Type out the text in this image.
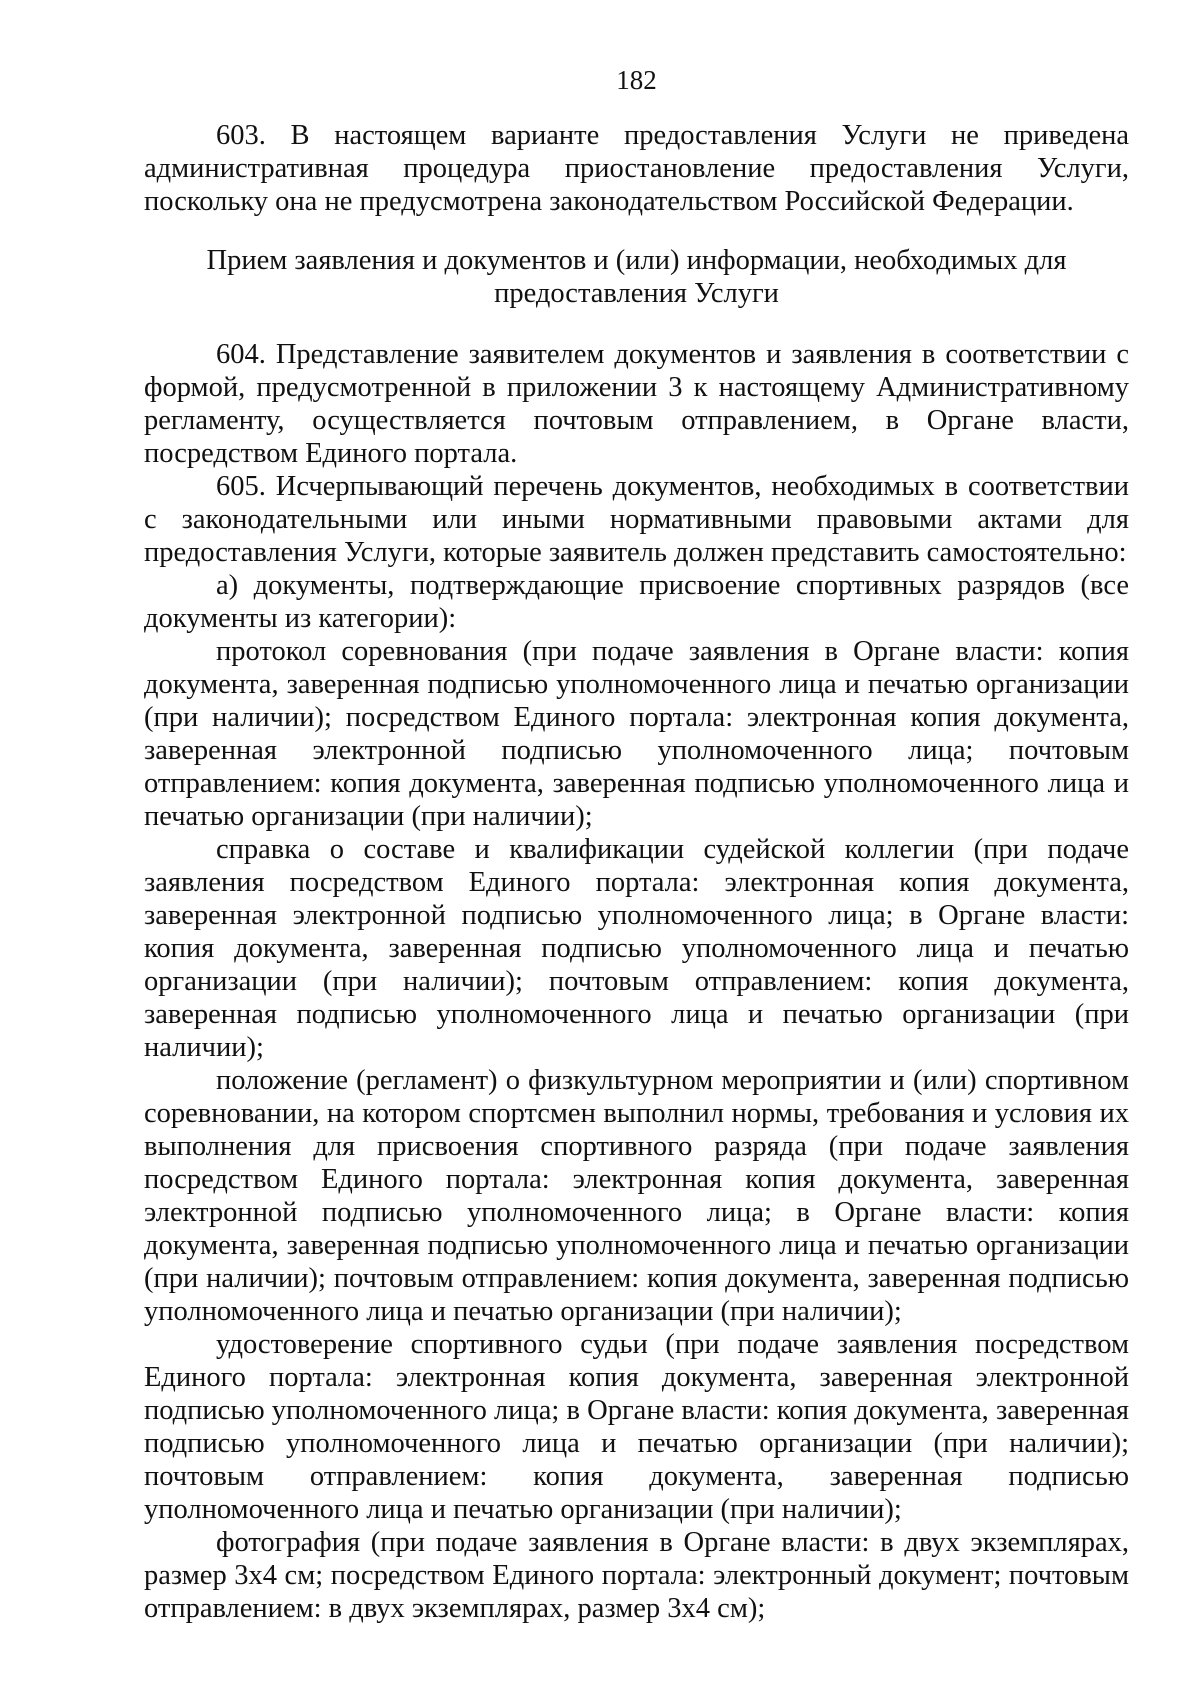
182

603. В настоящем варианте предоставления Услуги не приведена административная процедура приостановление предоставления Услуги, поскольку она не предусмотрена законодательством Российской Федерации.

Прием заявления и документов и (или) информации, необходимых для предоставления Услуги

604. Представление заявителем документов и заявления в соответствии с формой, предусмотренной в приложении 3 к настоящему Административному регламенту, осуществляется почтовым отправлением, в Органе власти, посредством Единого портала.

605. Исчерпывающий перечень документов, необходимых в соответствии с законодательными или иными нормативными правовыми актами для предоставления Услуги, которые заявитель должен представить самостоятельно:

а) документы, подтверждающие присвоение спортивных разрядов (все документы из категории):

протокол соревнования (при подаче заявления в Органе власти: копия документа, заверенная подписью уполномоченного лица и печатью организации (при наличии); посредством Единого портала: электронная копия документа, заверенная электронной подписью уполномоченного лица; почтовым отправлением: копия документа, заверенная подписью уполномоченного лица и печатью организации (при наличии);

справка о составе и квалификации судейской коллегии (при подаче заявления посредством Единого портала: электронная копия документа, заверенная электронной подписью уполномоченного лица; в Органе власти: копия документа, заверенная подписью уполномоченного лица и печатью организации (при наличии); почтовым отправлением: копия документа, заверенная подписью уполномоченного лица и печатью организации (при наличии);

положение (регламент) о физкультурном мероприятии и (или) спортивном соревновании, на котором спортсмен выполнил нормы, требования и условия их выполнения для присвоения спортивного разряда (при подаче заявления посредством Единого портала: электронная копия документа, заверенная электронной подписью уполномоченного лица; в Органе власти: копия документа, заверенная подписью уполномоченного лица и печатью организации (при наличии); почтовым отправлением: копия документа, заверенная подписью уполномоченного лица и печатью организации (при наличии);

удостоверение спортивного судьи (при подаче заявления посредством Единого портала: электронная копия документа, заверенная электронной подписью уполномоченного лица; в Органе власти: копия документа, заверенная подписью уполномоченного лица и печатью организации (при наличии); почтовым отправлением: копия документа, заверенная подписью уполномоченного лица и печатью организации (при наличии);

фотография (при подаче заявления в Органе власти: в двух экземплярах, размер 3х4 см; посредством Единого портала: электронный документ; почтовым отправлением: в двух экземплярах, размер 3х4 см);
